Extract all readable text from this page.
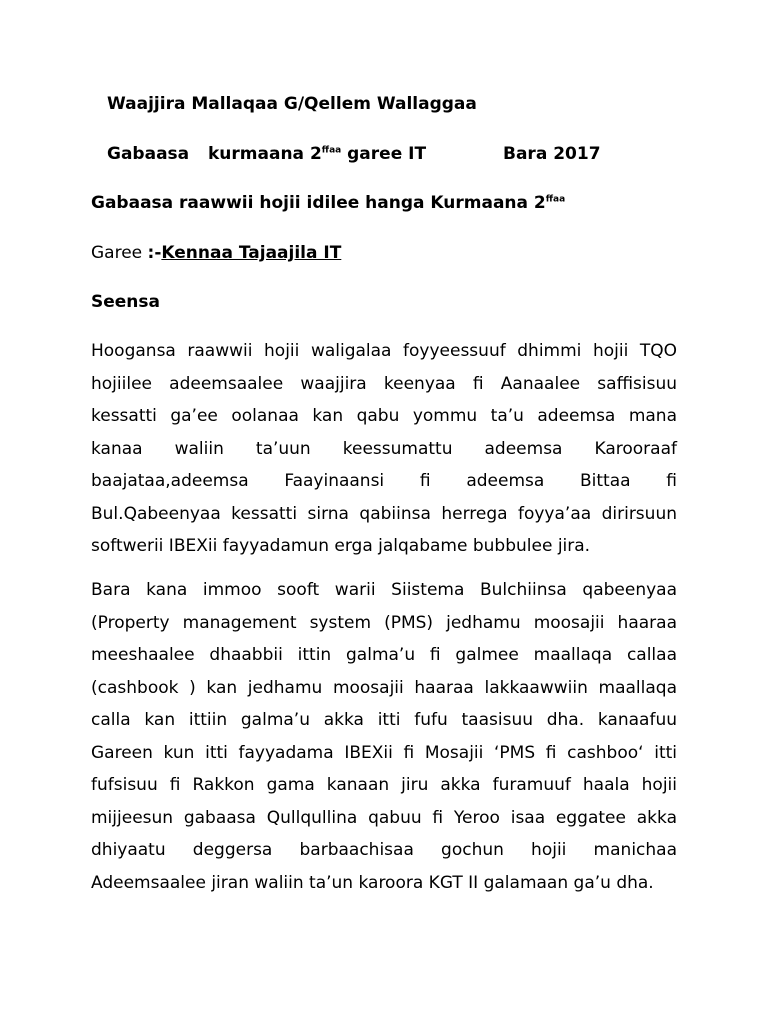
Waajjira Mallaqaa G/Qellem Wallaggaa
Gabaasa kurmaana $2^{ffaa}$ garee IT	Bara 2017
Gabaasa raawwii hojii idilee hanga Kurmaana $2^{ffaa}$
Garee :-Kennaa Tajaajila IT
Seensa
Hoogansa raawwii hojii waligalaa foyyeessuuf dhimmi hojii TQO
hojiilee adeemsaalee waajjira keenyaa fi Aanaalee saffisisuu
kessatti ga’ee oolanaa kan qabu yommu ta’u adeemsa mana
kanaa waliin ta’uun keessumattu adeemsa Karooraaf
baajataa,adeemsa Faayinaansi fi adeemsa Bittaa fi
Bul.Qabeenyaa kessatti sirna qabiinsa herrega foyya’aa dirirsuun
softwerii IBEXii fayyadamun erga jalqabame bubbulee jira.
Bara kana immoo sooft warii Siistema Bulchiinsa qabeenyaa
(Property management system (PMS) jedhamu moosajii haaraa
meeshaalee dhaabbii ittin galma’u fi galmee maallaqa callaa
(cashbook ) kan jedhamu moosajii haaraa lakkaawwiin maallaqa
calla kan ittiin galma’u akka itti fufu taasisuu dha. kanaafuu
Gareen kun itti fayyadama IBEXii fi Mosajii ‘PMS fi cashboo‘ itti
fufsisuu fi Rakkon gama kanaan jiru akka furamuuf haala hojii
mijjeesun gabaasa Qullqullina qabuu fi Yeroo isaa eggatee akka
dhiyaatu deggersa barbaachisaa gochun hojii manichaa
Adeemsaalee jiran waliin ta’un karoora KGT II galamaan ga’u dha.
